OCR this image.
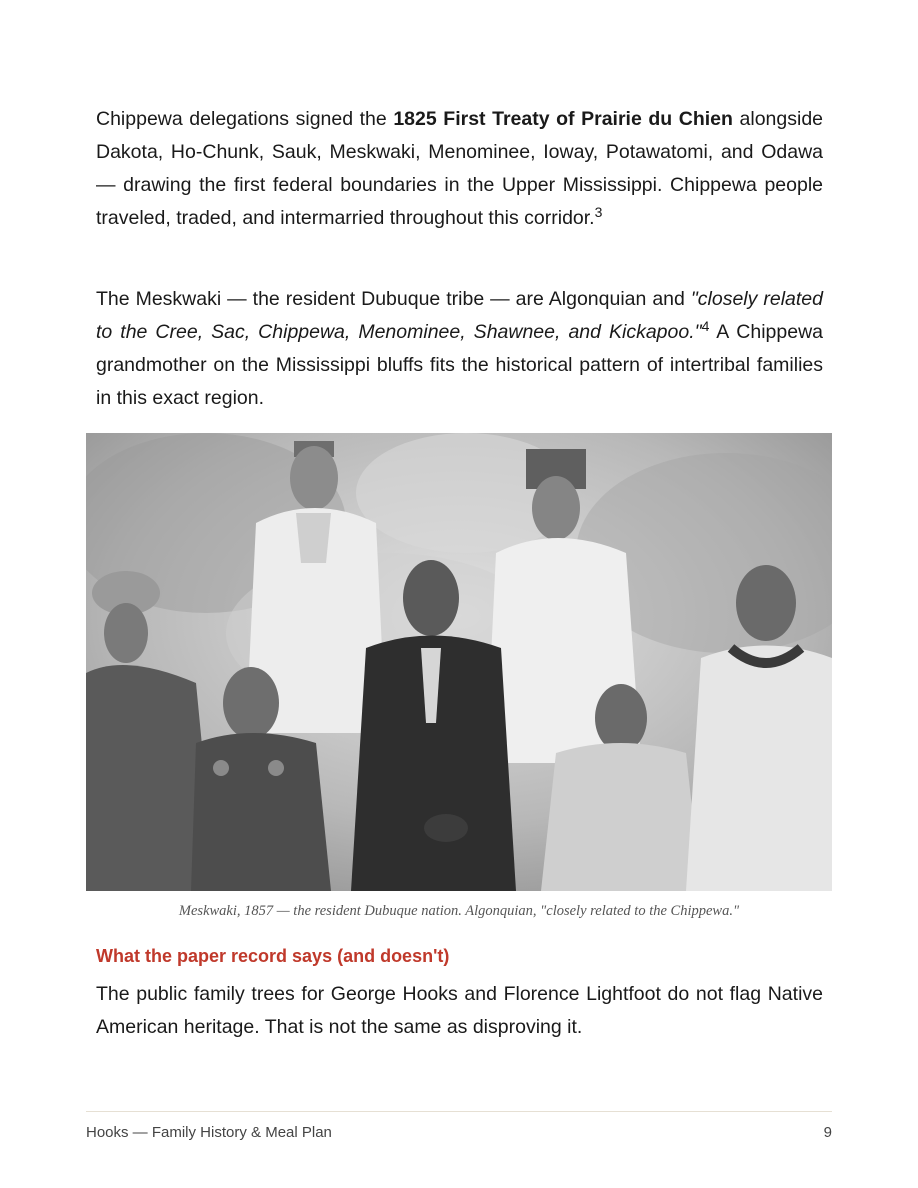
Chippewa delegations signed the 1825 First Treaty of Prairie du Chien alongside Dakota, Ho-Chunk, Sauk, Meskwaki, Menominee, Ioway, Potawatomi, and Odawa — drawing the first federal boundaries in the Upper Mississippi. Chippewa people traveled, traded, and intermarried throughout this corridor.$^3$

The Meskwaki — the resident Dubuque tribe — are Algonquian and "closely related to the Cree, Sac, Chippewa, Menominee, Shawnee, and Kickapoo."$^4$ A Chippewa grandmother on the Mississippi bluffs fits the historical pattern of intertribal families in this exact region.

Meskwaki, 1857 — the resident Dubuque nation. Algonquian, "closely related to the Chippewa."

What the paper record says (and doesn't)

The public family trees for George Hooks and Florence Lightfoot do not flag Native American heritage. That is not the same as disproving it.

Hooks — Family History & Meal Plan	9
